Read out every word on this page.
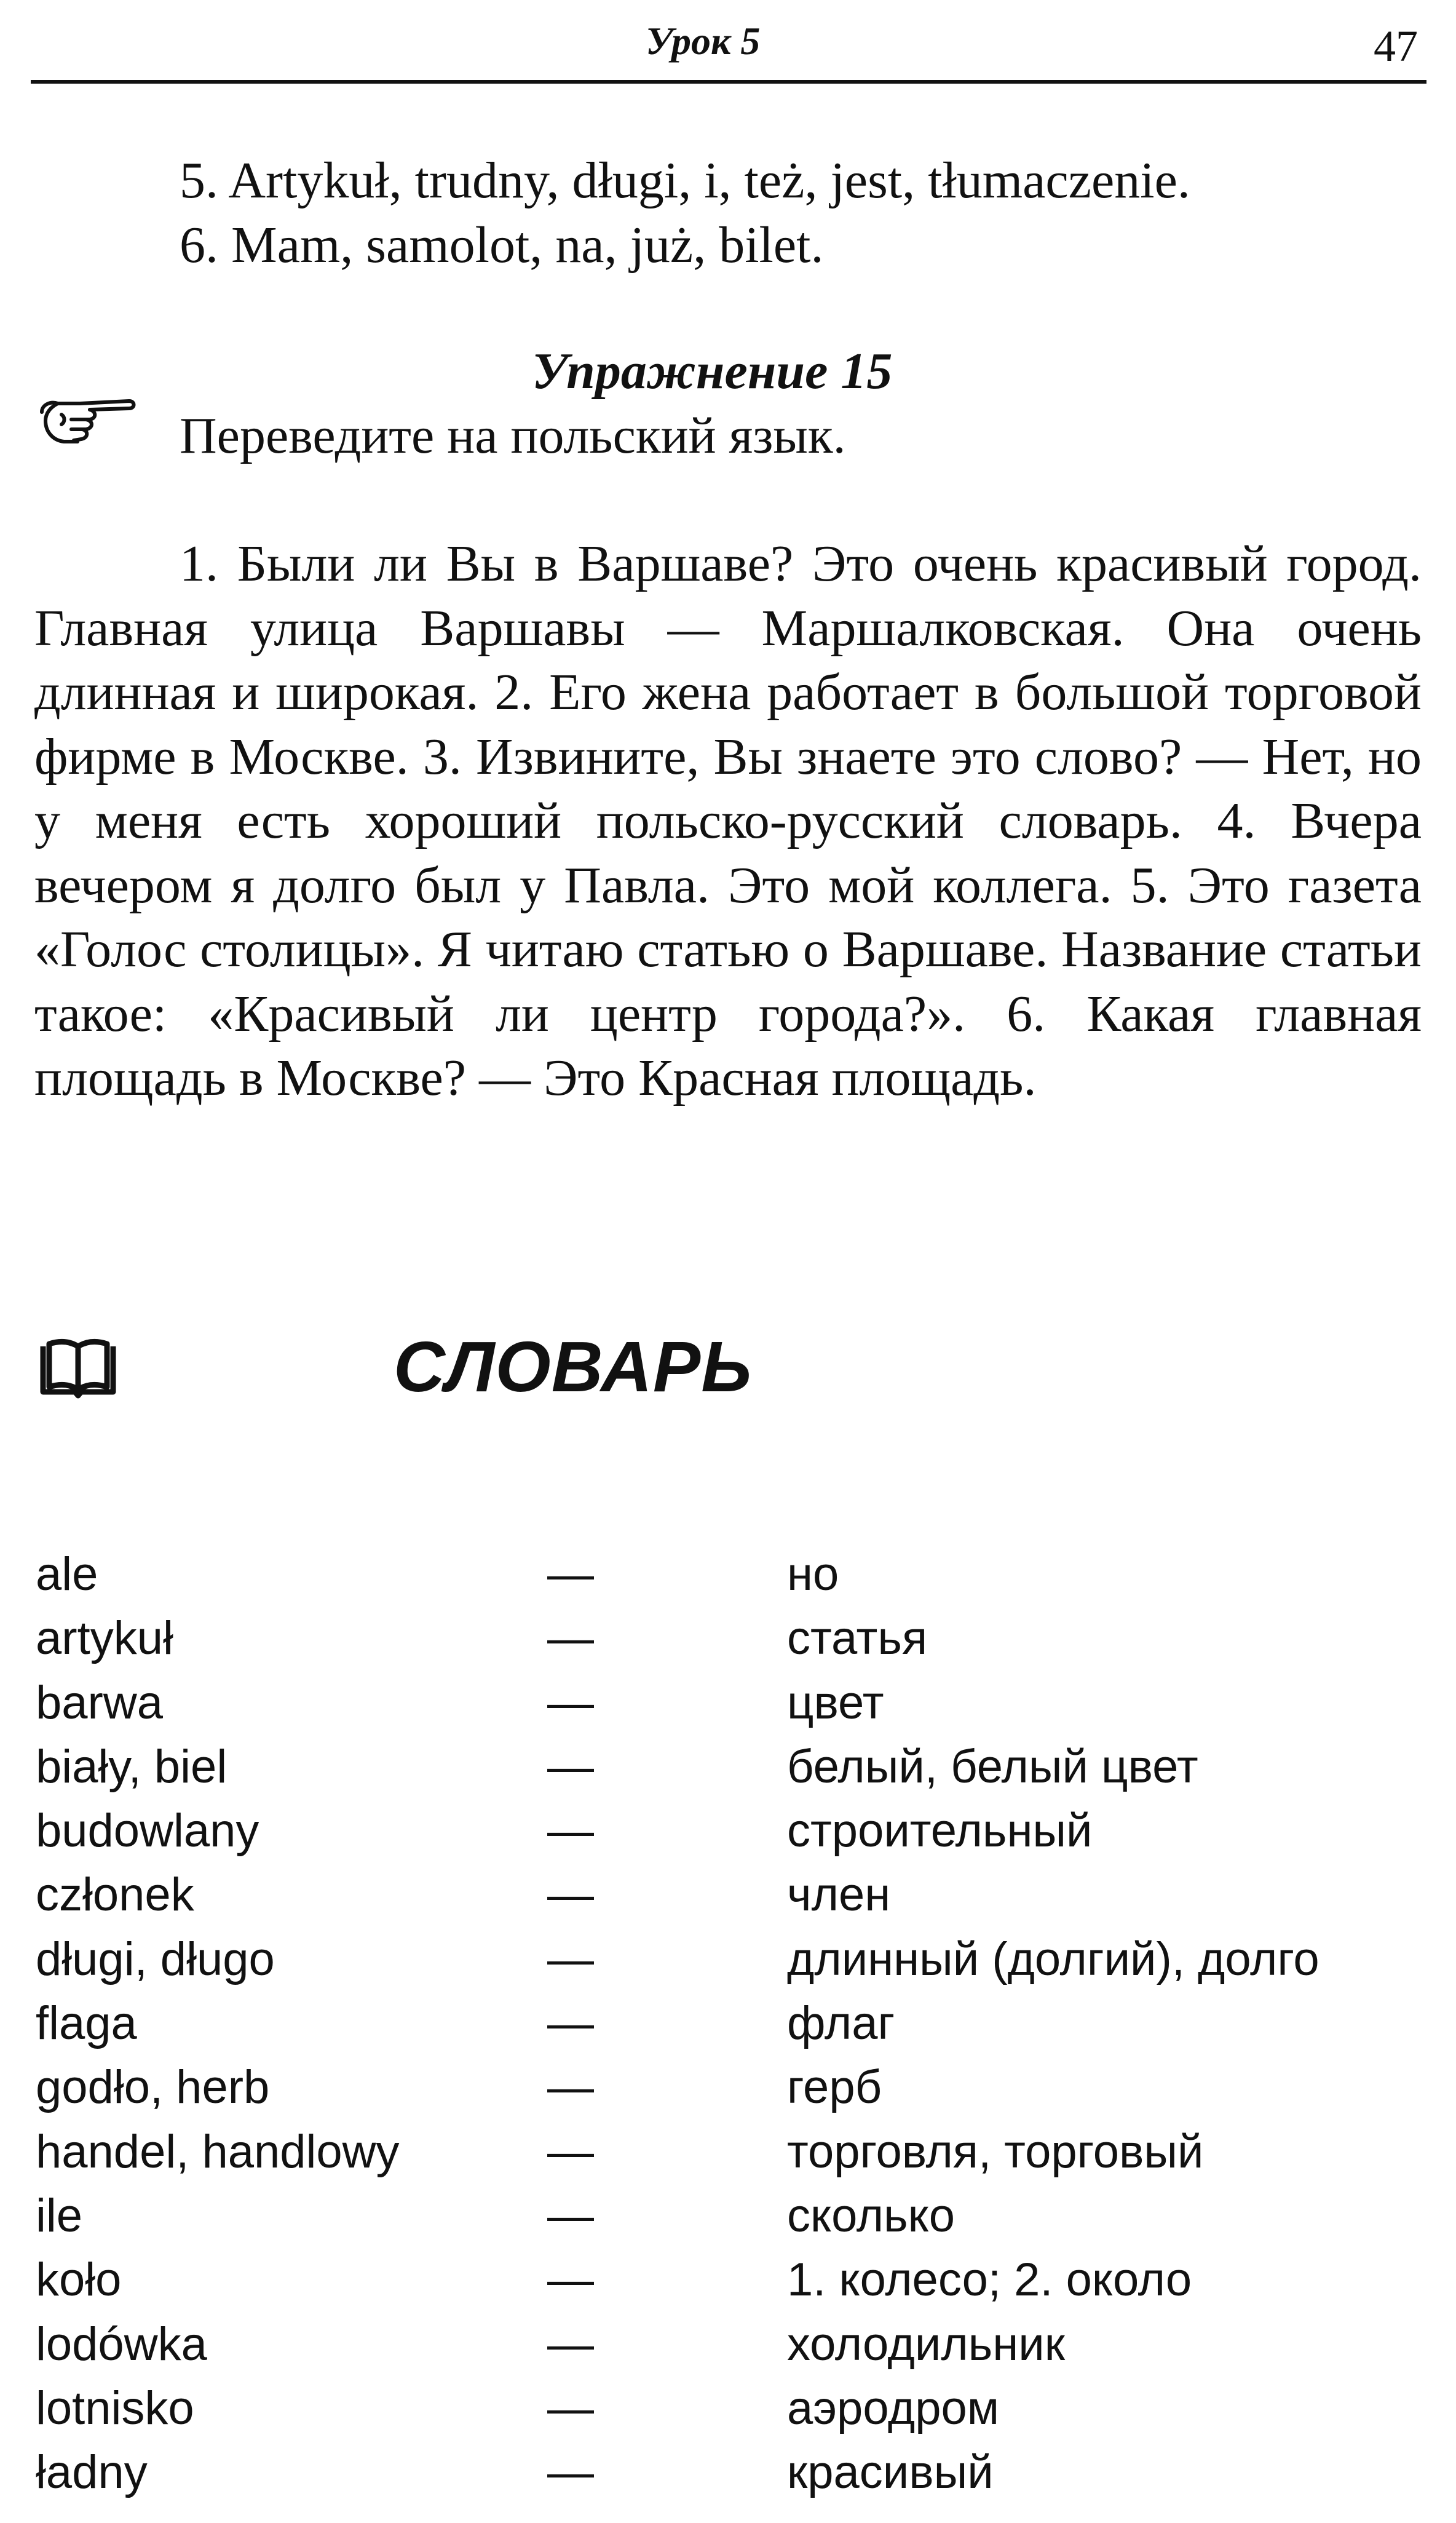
Урок 5	47
5. Artykuł, trudny, długi, i, też, jest, tłumaczenie.
6. Mam, samolot, na, już, bilet.
Упражнение 15
Переведите на польский язык.

1. Были ли Вы в Варшаве? Это очень красивый город. Главная улица Варшавы — Маршалковская. Она очень длинная и широкая. 2. Его жена работает в большой торговой фирме в Москве. 3. Извините, Вы знаете это слово? — Нет, но у меня есть хороший польско-русский словарь. 4. Вчера вечером я долго был у Павла. Это мой коллега. 5. Это газета «Голос столицы». Я читаю статью о Варшаве. Название статьи такое: «Красивый ли центр города?». 6. Какая главная площадь в Москве? — Это Красная площадь.

СЛОВАРЬ
ale	—	но
artykuł	—	статья
barwa	—	цвет
biały, biel	—	белый, белый цвет
budowlany	—	строительный
członek	—	член
długi, długo	—	длинный (долгий), долго
flaga	—	флаг
godło, herb	—	герб
handel, handlowy	—	торговля, торговый
ile	—	сколько
koło	—	1. колесо; 2. около
lodówka	—	холодильник
lotnisko	—	аэродром
ładny	—	красивый
